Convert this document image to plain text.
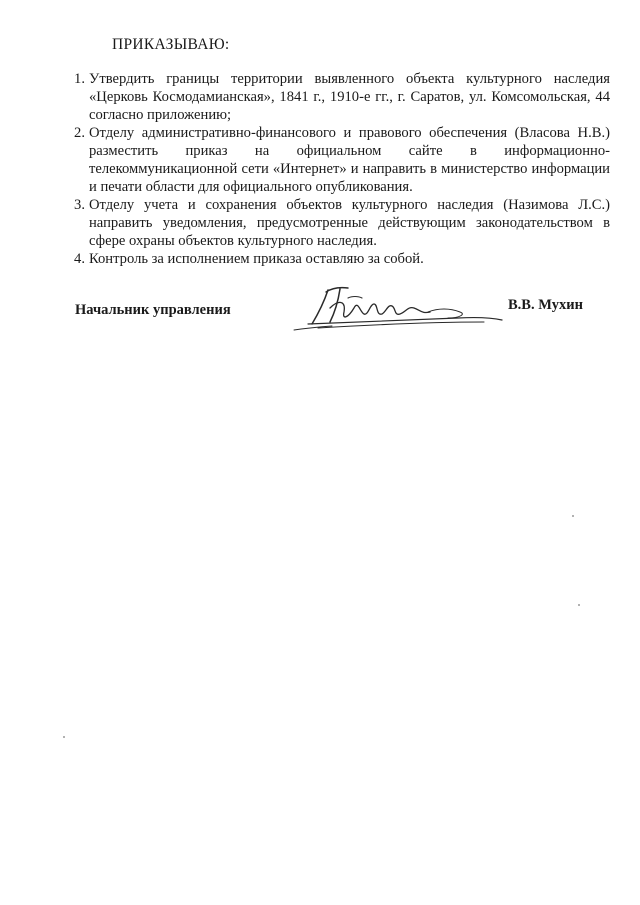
ПРИКАЗЫВАЮ:
1. Утвердить границы территории выявленного объекта культурного наследия «Церковь Космодамианская», 1841 г., 1910-е гг., г. Саратов, ул. Комсомольская, 44 согласно приложению;
2. Отделу административно-финансового и правового обеспечения (Власова Н.В.) разместить приказ на официальном сайте в информационно-телекоммуникационной сети «Интернет» и направить в министерство информации и печати области для официального опубликования.
3. Отделу учета и сохранения объектов культурного наследия (Назимова Л.С.) направить уведомления, предусмотренные действующим законодательством в сфере охраны объектов культурного наследия.
4. Контроль за исполнением приказа оставляю за собой.
Начальник управления	В.В. Мухин
